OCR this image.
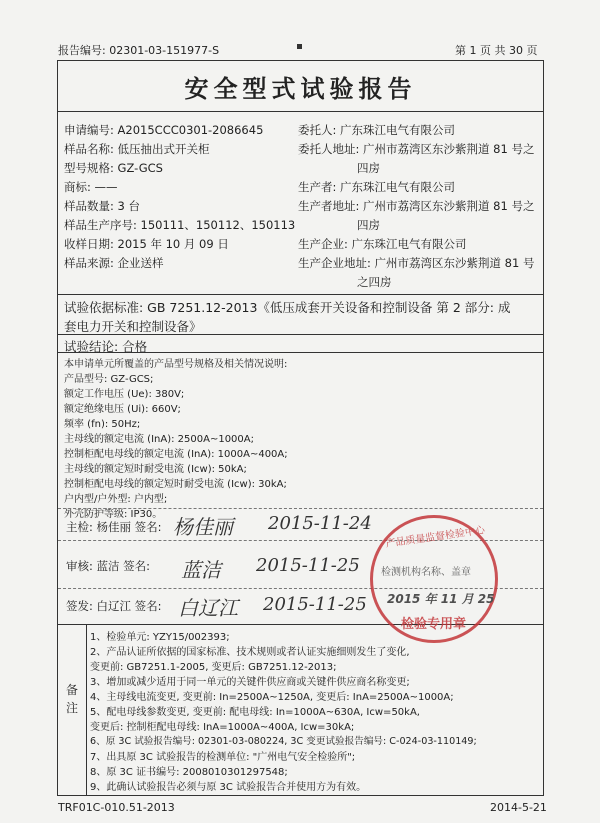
报告编号: 02301-03-151977-S	第 1 页 共 30 页
安全型式试验报告
申请编号: A2015CCC0301-2086645
样品名称: 低压抽出式开关柜
型号规格: GZ-GCS
商标: ——
样品数量: 3 台
样品生产序号: 150111、150112、150113
收样日期: 2015 年 10 月 09 日
样品来源: 企业送样
委托人: 广东珠江电气有限公司
委托人地址: 广州市荔湾区东沙紫荆道 81 号之
四房
生产者: 广东珠江电气有限公司
生产者地址: 广州市荔湾区东沙紫荆道 81 号之
四房
生产企业: 广东珠江电气有限公司
生产企业地址: 广州市荔湾区东沙紫荆道 81 号
之四房
试验依据标准: GB 7251.12-2013《低压成套开关设备和控制设备 第 2 部分: 成
套电力开关和控制设备》
试验结论: 合格
本申请单元所覆盖的产品型号规格及相关情况说明:
产品型号: GZ-GCS;
额定工作电压 (Ue): 380V;
额定绝缘电压 (Ui): 660V;
频率 (fn): 50Hz;
主母线的额定电流 (InA): 2500A~1000A;
控制柜配电母线的额定电流 (InA): 1000A~400A;
主母线的额定短时耐受电流 (Icw): 50kA;
控制柜配电母线的额定短时耐受电流 (Icw): 30kA;
户内型/户外型: 户内型;
外壳防护等级: IP30。
主检: 杨佳丽 签名: 杨佳丽 2015-11-24
审核: 蓝洁 签名: 蓝洁 2015-11-25
签发: 白辽江 签名: 白辽江 2015-11-25
备注
1、检验单元: YZY15/002393;
2、产品认证所依据的国家标准、技术规则或者认证实施细则发生了变化,
变更前: GB7251.1-2005, 变更后: GB7251.12-2013;
3、增加或减少适用于同一单元的关键件供应商或关键件供应商名称变更;
4、主母线电流变更, 变更前: In=2500A~1250A, 变更后: InA=2500A~1000A;
5、配电母线参数变更, 变更前: 配电母线: In=1000A~630A, Icw=50kA,
变更后: 控制柜配电母线: InA=1000A~400A, Icw=30kA;
6、原 3C 试验报告编号: 02301-03-080224, 3C 变更试验报告编号: C-024-03-110149;
7、出具原 3C 试验报告的检测单位: "广州电气安全检验所";
8、原 3C 证书编号: 2008010301297548;
9、此确认试验报告必须与原 3C 试验报告合并使用方为有效。
产品质量监督检验中心
检测机构名称、盖章
2015 年 11 月 25
检验专用章
TRF01C-010.51-2013	2014-5-21
